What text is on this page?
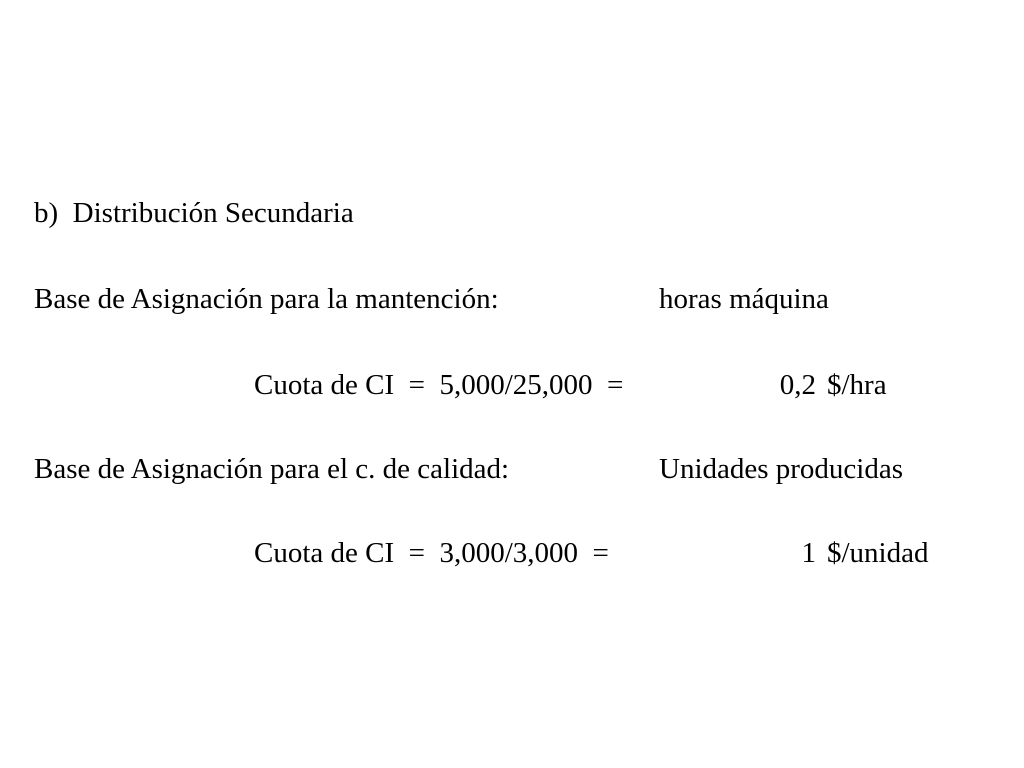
b)  Distribución Secundaria

Base de Asignación para la mantención:	horas máquina

Cuota de CI  =  5,000/25,000  =	0,2 $/hra

Base de Asignación para el c. de calidad:	Unidades producidas

Cuota de CI  =  3,000/3,000  =	1 $/unidad
